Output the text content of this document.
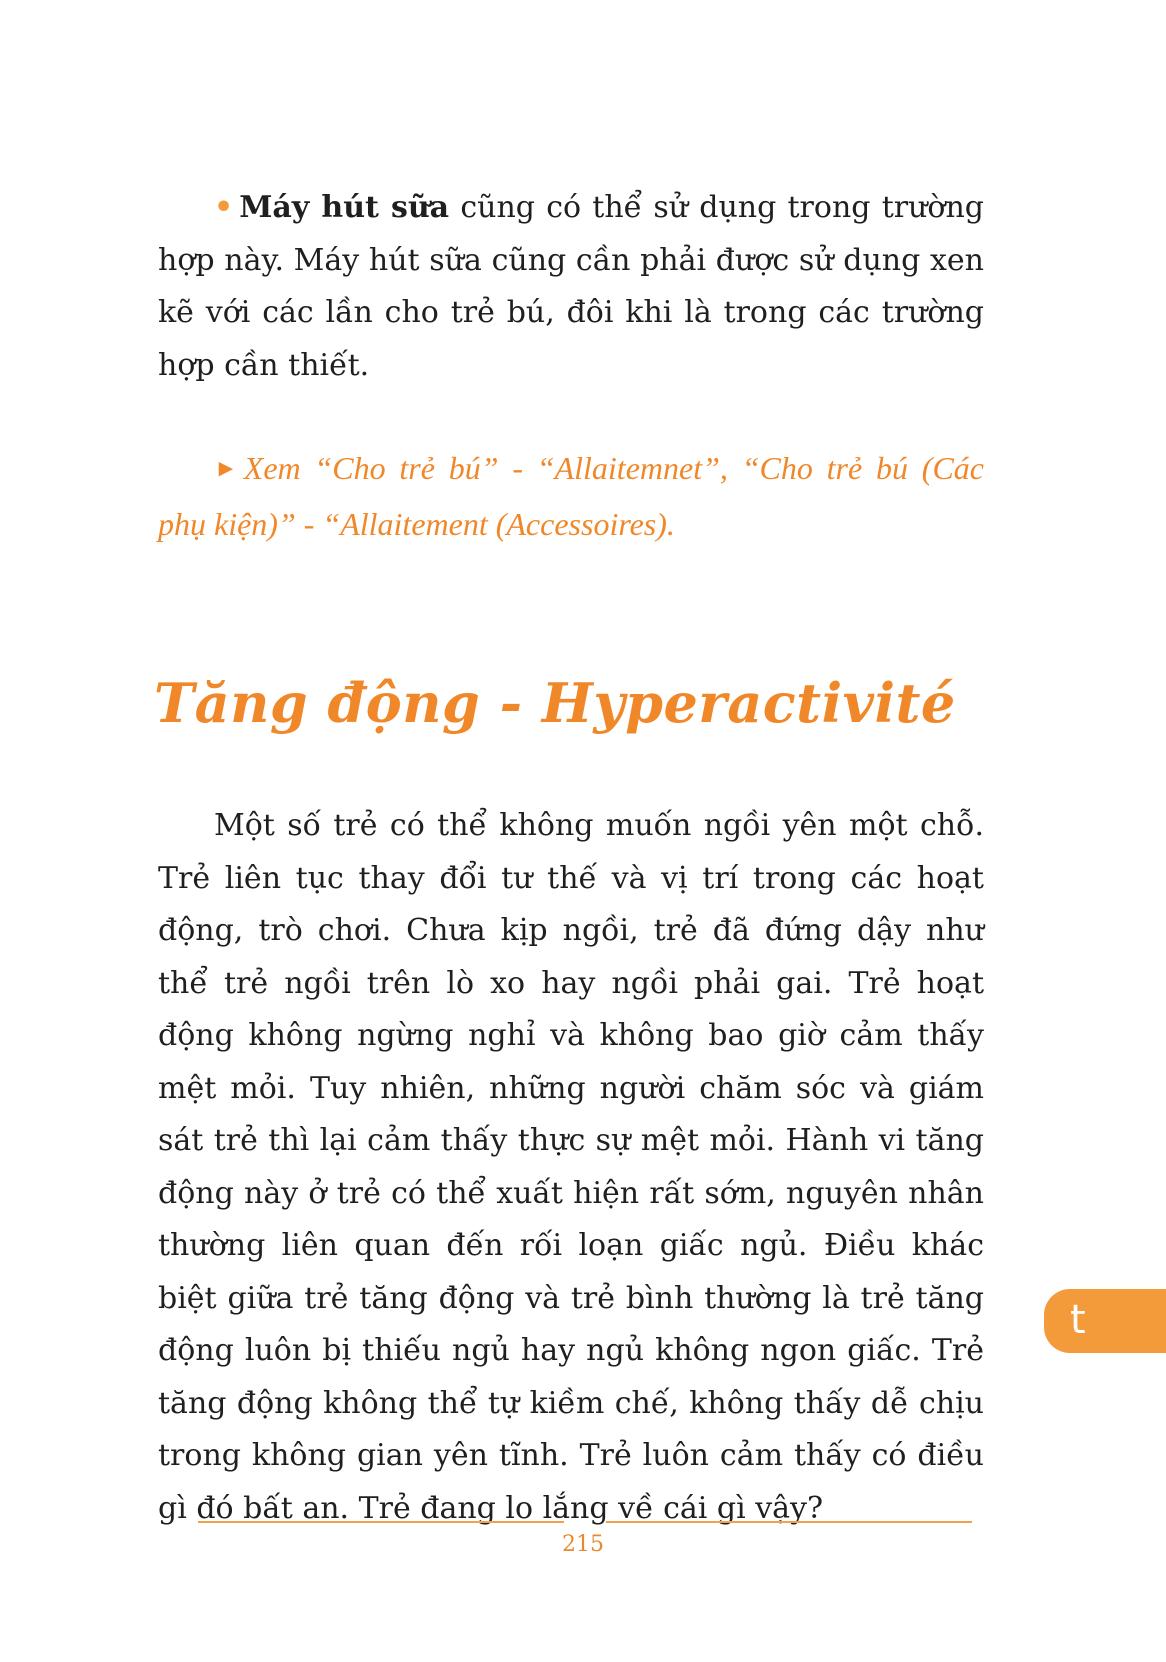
• Máy hút sữa cũng có thể sử dụng trong trường hợp này. Máy hút sữa cũng cần phải được sử dụng xen kẽ với các lần cho trẻ bú, đôi khi là trong các trường hợp cần thiết.

► Xem “Cho trẻ bú” - “Allaitemnet”, “Cho trẻ bú (Các phụ kiện)” - “Allaitement (Accessoires).

Tăng động - Hyperactivité

Một số trẻ có thể không muốn ngồi yên một chỗ. Trẻ liên tục thay đổi tư thế và vị trí trong các hoạt động, trò chơi. Chưa kịp ngồi, trẻ đã đứng dậy như thể trẻ ngồi trên lò xo hay ngồi phải gai. Trẻ hoạt động không ngừng nghỉ và không bao giờ cảm thấy mệt mỏi. Tuy nhiên, những người chăm sóc và giám sát trẻ thì lại cảm thấy thực sự mệt mỏi. Hành vi tăng động này ở trẻ có thể xuất hiện rất sớm, nguyên nhân thường liên quan đến rối loạn giấc ngủ. Điều khác biệt giữa trẻ tăng động và trẻ bình thường là trẻ tăng động luôn bị thiếu ngủ hay ngủ không ngon giấc. Trẻ tăng động không thể tự kiềm chế, không thấy dễ chịu trong không gian yên tĩnh. Trẻ luôn cảm thấy có điều gì đó bất an. Trẻ đang lo lắng về cái gì vậy?

t

215
